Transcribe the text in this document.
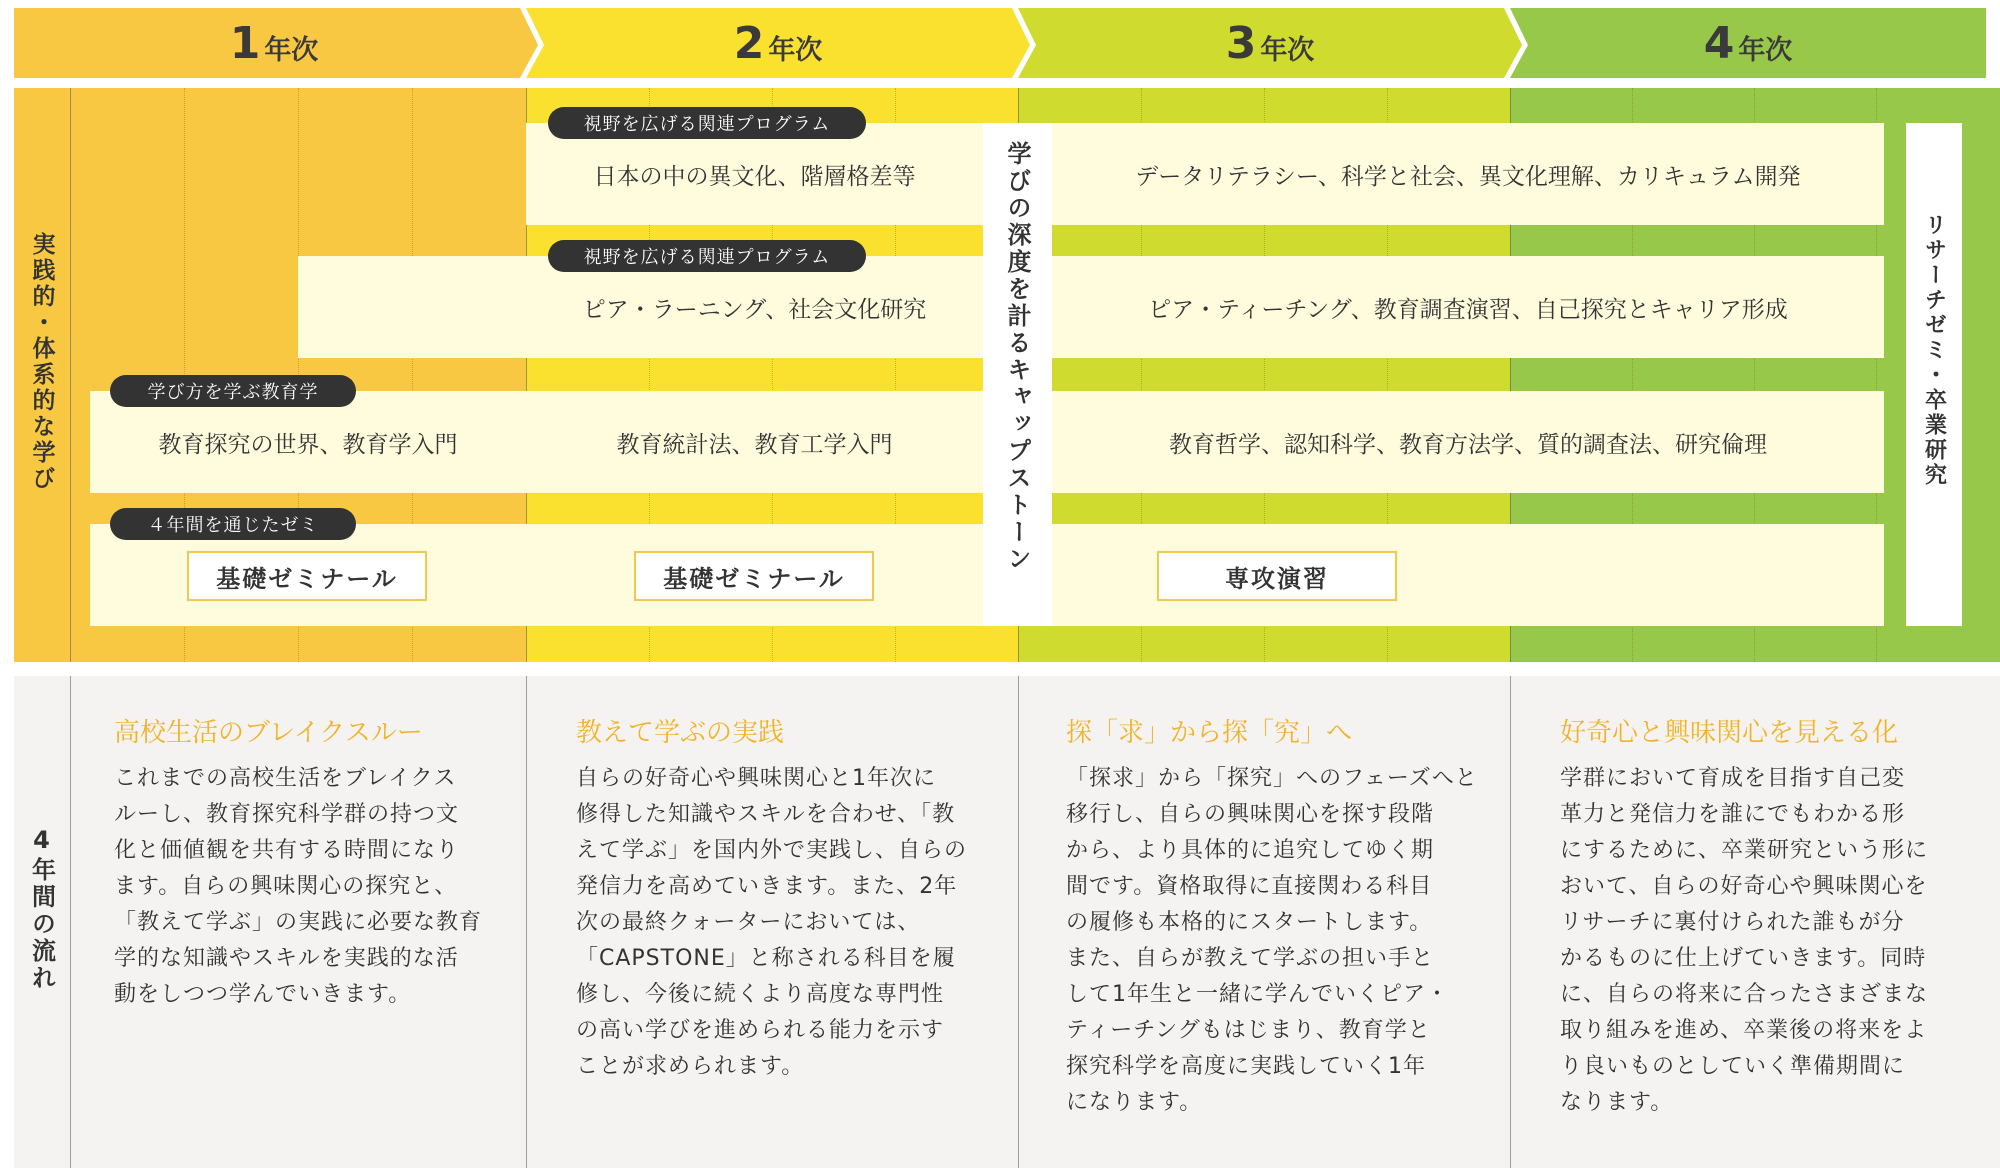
1 年次	2 年次	3 年次	4 年次
実践的・体系的な学び
日本の中の異文化、階層格差等	データリテラシー、科学と社会、異文化理解、カリキュラム開発
視野を広げる関連プログラム
ピア・ラーニング、社会文化研究	ピア・ティーチング、教育調査演習、自己探究とキャリア形成
視野を広げる関連プログラム
教育探究の世界、教育学入門	教育統計法、教育工学入門	教育哲学、認知科学、教育方法学、質的調査法、研究倫理
学び方を学ぶ教育学
４年間を通じたゼミ
基礎ゼミナール	基礎ゼミナール	専攻演習
学びの深度を計るキャップストーン	リサーチゼミ・卒業研究
4年間の流れ
高校生活のブレイクスルー
これまでの高校生活をブレイクス
ルーし、教育探究科学群の持つ文
化と価値観を共有する時間になり
ます。自らの興味関心の探究と、
「教えて学ぶ」の実践に必要な教育
学的な知識やスキルを実践的な活
動をしつつ学んでいきます。
教えて学ぶの実践
自らの好奇心や興味関心と1年次に
修得した知識やスキルを合わせ、「教
えて学ぶ」を国内外で実践し、自らの
発信力を高めていきます。また、2年
次の最終クォーターにおいては、
「CAPSTONE」と称される科目を履
修し、今後に続くより高度な専門性
の高い学びを進められる能力を示す
ことが求められます。
探「求」から探「究」へ
「探求」から「探究」へのフェーズへと
移行し、自らの興味関心を探す段階
から、より具体的に追究してゆく期
間です。資格取得に直接関わる科目
の履修も本格的にスタートします。
また、自らが教えて学ぶの担い手と
して1年生と一緒に学んでいくピア・
ティーチングもはじまり、教育学と
探究科学を高度に実践していく1年
になります。
好奇心と興味関心を見える化
学群において育成を目指す自己変
革力と発信力を誰にでもわかる形
にするために、卒業研究という形に
おいて、自らの好奇心や興味関心を
リサーチに裏付けられた誰もが分
かるものに仕上げていきます。同時
に、自らの将来に合ったさまざまな
取り組みを進め、卒業後の将来をよ
り良いものとしていく準備期間に
なります。
